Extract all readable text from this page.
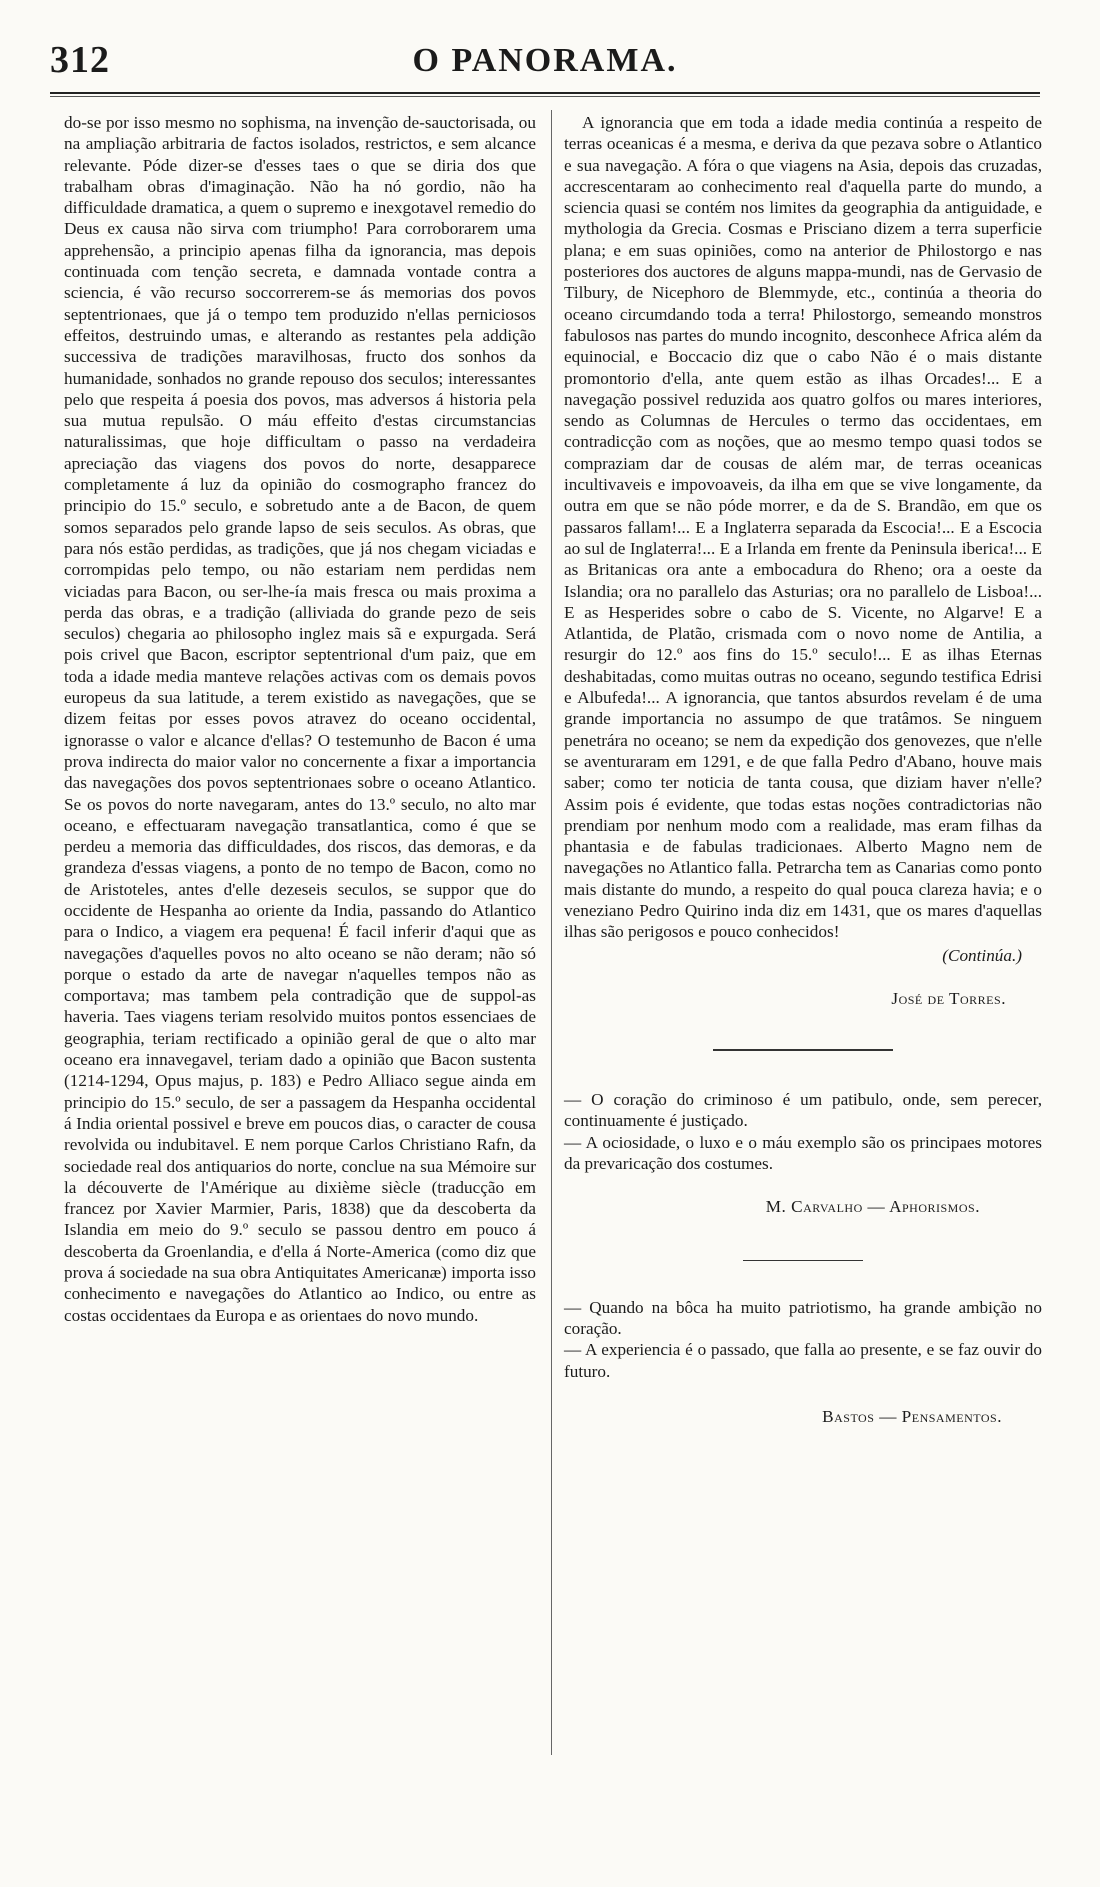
312	O PANORAMA.

do-se por isso mesmo no sophisma, na invenção de-sauctorisada, ou na ampliação arbitraria de factos isolados, restrictos, e sem alcance relevante. Póde dizer-se d'esses taes o que se diria dos que trabalham obras d'imaginação. Não ha nó gordio, não ha difficuldade dramatica, a quem o supremo e inexgotavel remedio do Deus ex causa não sirva com triumpho! Para corroborarem uma apprehensão, a principio apenas filha da ignorancia, mas depois continuada com tenção secreta, e damnada vontade contra a sciencia, é vão recurso soccorrerem-se ás memorias dos povos septentrionaes, que já o tempo tem produzido n'ellas perniciosos effeitos, destruindo umas, e alterando as restantes pela addição successiva de tradições maravilhosas, fructo dos sonhos da humanidade, sonhados no grande repouso dos seculos; interessantes pelo que respeita á poesia dos povos, mas adversos á historia pela sua mutua repulsão. O máu effeito d'estas circumstancias naturalissimas, que hoje difficultam o passo na verdadeira apreciação das viagens dos povos do norte, desapparece completamente á luz da opinião do cosmographo francez do principio do 15.º seculo, e sobretudo ante a de Bacon, de quem somos separados pelo grande lapso de seis seculos. As obras, que para nós estão perdidas, as tradições, que já nos chegam viciadas e corrompidas pelo tempo, ou não estariam nem perdidas nem viciadas para Bacon, ou ser-lhe-ía mais fresca ou mais proxima a perda das obras, e a tradição (alliviada do grande pezo de seis seculos) chegaria ao philosopho inglez mais sã e expurgada. Será pois crivel que Bacon, escriptor septentrional d'um paiz, que em toda a idade media manteve relações activas com os demais povos europeus da sua latitude, a terem existido as navegações, que se dizem feitas por esses povos atravez do oceano occidental, ignorasse o valor e alcance d'ellas? O testemunho de Bacon é uma prova indirecta do maior valor no concernente a fixar a importancia das navegações dos povos septentrionaes sobre o oceano Atlantico. Se os povos do norte navegaram, antes do 13.º seculo, no alto mar oceano, e effectuaram navegação transatlantica, como é que se perdeu a memoria das difficuldades, dos riscos, das demoras, e da grandeza d'essas viagens, a ponto de no tempo de Bacon, como no de Aristoteles, antes d'elle dezeseis seculos, se suppor que do occidente de Hespanha ao oriente da India, passando do Atlantico para o Indico, a viagem era pequena! É facil inferir d'aqui que as navegações d'aquelles povos no alto oceano se não deram; não só porque o estado da arte de navegar n'aquelles tempos não as comportava; mas tambem pela contradição que de suppol-as haveria. Taes viagens teriam resolvido muitos pontos essenciaes de geographia, teriam rectificado a opinião geral de que o alto mar oceano era innavegavel, teriam dado a opinião que Bacon sustenta (1214-1294, Opus majus, p. 183) e Pedro Alliaco segue ainda em principio do 15.º seculo, de ser a passagem da Hespanha occidental á India oriental possivel e breve em poucos dias, o caracter de cousa revolvida ou indubitavel. E nem porque Carlos Christiano Rafn, da sociedade real dos antiquarios do norte, conclue na sua Mémoire sur la découverte de l'Amérique au dixième siècle (traducção em francez por Xavier Marmier, Paris, 1838) que da descoberta da Islandia em meio do 9.º seculo se passou dentro em pouco á descoberta da Groenlandia, e d'ella á Norte-America (como diz que prova á sociedade na sua obra Antiquitates Americanæ) importa isso conhecimento e navegações do Atlantico ao Indico, ou entre as costas occidentaes da Europa e as orientaes do novo mundo.

A ignorancia que em toda a idade media continúa a respeito de terras oceanicas é a mesma, e deriva da que pezava sobre o Atlantico e sua navegação. A fóra o que viagens na Asia, depois das cruzadas, accrescentaram ao conhecimento real d'aquella parte do mundo, a sciencia quasi se contém nos limites da geographia da antiguidade, e mythologia da Grecia. Cosmas e Prisciano dizem a terra superficie plana; e em suas opiniões, como na anterior de Philostorgo e nas posteriores dos auctores de alguns mappa-mundi, nas de Gervasio de Tilbury, de Nicephoro de Blemmyde, etc., continúa a theoria do oceano circumdando toda a terra! Philostorgo, semeando monstros fabulosos nas partes do mundo incognito, desconhece Africa além da equinocial, e Boccacio diz que o cabo Não é o mais distante promontorio d'ella, ante quem estão as ilhas Orcades!... E a navegação possivel reduzida aos quatro golfos ou mares interiores, sendo as Columnas de Hercules o termo das occidentaes, em contradicção com as noções, que ao mesmo tempo quasi todos se compraziam dar de cousas de além mar, de terras oceanicas incultivaveis e impovoaveis, da ilha em que se vive longamente, da outra em que se não póde morrer, e da de S. Brandão, em que os passaros fallam!... E a Inglaterra separada da Escocia!... E a Escocia ao sul de Inglaterra!... E a Irlanda em frente da Peninsula iberica!... E as Britanicas ora ante a embocadura do Rheno; ora a oeste da Islandia; ora no parallelo das Asturias; ora no parallelo de Lisboa!... E as Hesperides sobre o cabo de S. Vicente, no Algarve! E a Atlantida, de Platão, crismada com o novo nome de Antilia, a resurgir do 12.º aos fins do 15.º seculo!... E as ilhas Eternas deshabitadas, como muitas outras no oceano, segundo testifica Edrisi e Albufeda!... A ignorancia, que tantos absurdos revelam é de uma grande importancia no assumpo de que tratâmos. Se ninguem penetrára no oceano; se nem da expedição dos genovezes, que n'elle se aventuraram em 1291, e de que falla Pedro d'Abano, houve mais saber; como ter noticia de tanta cousa, que diziam haver n'elle? Assim pois é evidente, que todas estas noções contradictorias não prendiam por nenhum modo com a realidade, mas eram filhas da phantasia e de fabulas tradicionaes. Alberto Magno nem de navegações no Atlantico falla. Petrarcha tem as Canarias como ponto mais distante do mundo, a respeito do qual pouca clareza havia; e o veneziano Pedro Quirino inda diz em 1431, que os mares d'aquellas ilhas são perigosos e pouco conhecidos!

(Continúa.)

José de Torres.

— O coração do criminoso é um patibulo, onde, sem perecer, continuamente é justiçado.

— A ociosidade, o luxo e o máu exemplo são os principaes motores da prevaricação dos costumes.

M. Carvalho — Aphorismos.

— Quando na bôca ha muito patriotismo, ha grande ambição no coração.

— A experiencia é o passado, que falla ao presente, e se faz ouvir do futuro.

Bastos — Pensamentos.
